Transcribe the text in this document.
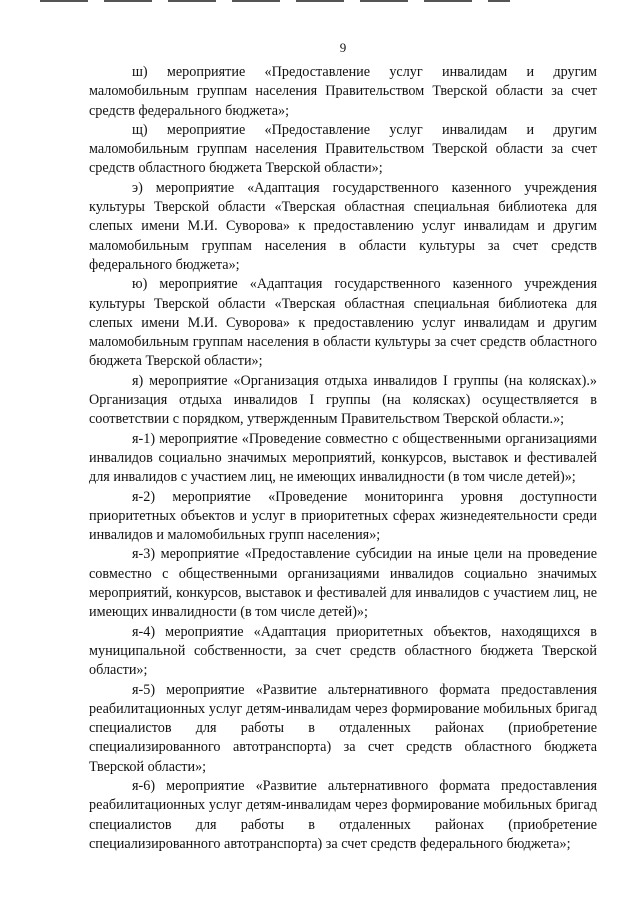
9

ш) мероприятие «Предоставление услуг инвалидам и другим маломобильным группам населения Правительством Тверской области за счет средств федерального бюджета»;

щ) мероприятие «Предоставление услуг инвалидам и другим маломобильным группам населения Правительством Тверской области за счет средств областного бюджета Тверской области»;

э) мероприятие «Адаптация государственного казенного учреждения культуры Тверской области «Тверская областная специальная библиотека для слепых имени М.И. Суворова» к предоставлению услуг инвалидам и другим маломобильным группам населения в области культуры за счет средств федерального бюджета»;

ю) мероприятие «Адаптация государственного казенного учреждения культуры Тверской области «Тверская областная специальная библиотека для слепых имени М.И. Суворова» к предоставлению услуг инвалидам и другим маломобильным группам населения в области культуры за счет средств областного бюджета Тверской области»;

я) мероприятие «Организация отдыха инвалидов I группы (на колясках).» Организация отдыха инвалидов I группы (на колясках) осуществляется в соответствии с порядком, утвержденным Правительством Тверской области.»;

я-1) мероприятие «Проведение совместно с общественными организациями инвалидов социально значимых мероприятий, конкурсов, выставок и фестивалей для инвалидов с участием лиц, не имеющих инвалидности (в том числе детей)»;

я-2) мероприятие «Проведение мониторинга уровня доступности приоритетных объектов и услуг в приоритетных сферах жизнедеятельности среди инвалидов и маломобильных групп населения»;

я-3) мероприятие «Предоставление субсидии на иные цели на проведение совместно с общественными организациями инвалидов социально значимых мероприятий, конкурсов, выставок и фестивалей для инвалидов с участием лиц, не имеющих инвалидности (в том числе детей)»;

я-4) мероприятие «Адаптация приоритетных объектов, находящихся в муниципальной собственности, за счет средств областного бюджета Тверской области»;

я-5) мероприятие «Развитие альтернативного формата предоставления реабилитационных услуг детям-инвалидам через формирование мобильных бригад специалистов для работы в отдаленных районах (приобретение специализированного автотранспорта) за счет средств областного бюджета Тверской области»;

я-6) мероприятие «Развитие альтернативного формата предоставления реабилитационных услуг детям-инвалидам через формирование мобильных бригад специалистов для работы в отдаленных районах (приобретение специализированного автотранспорта) за счет средств федерального бюджета»;
